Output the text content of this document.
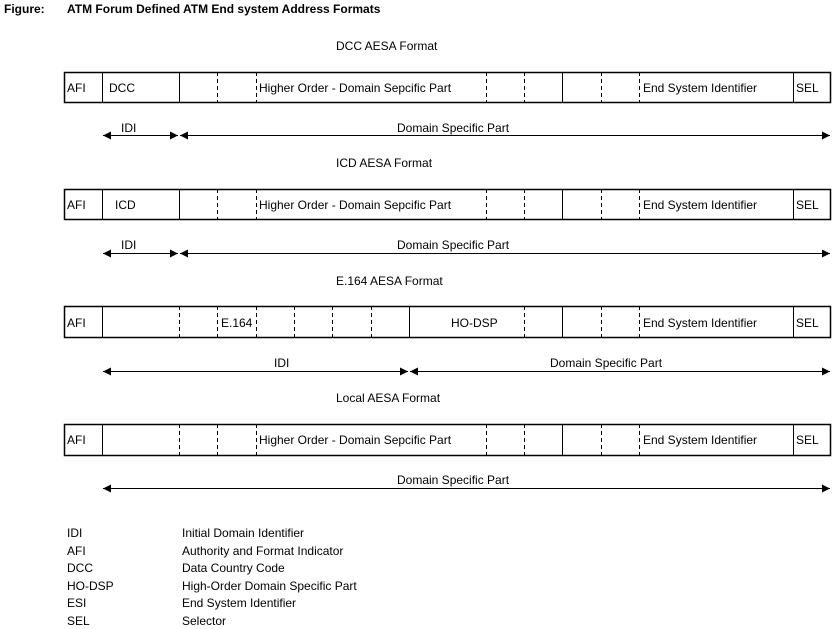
Figure: ATM Forum Defined ATM End system Address Formats
DCC AESA Format
AFI DCC	Higher Order - Domain Sepcific Part	End System Identifier	SEL
IDI	Domain Specific Part
ICD AESA Format
AFI ICD	Higher Order - Domain Sepcific Part	End System Identifier	SEL
IDI	Domain Specific Part
E.164 AESA Format
AFI	E.164	HO-DSP	End System Identifier	SEL
IDI	Domain Specific Part
Local AESA Format
AFI	Higher Order - Domain Sepcific Part	End System Identifier	SEL
Domain Specific Part
IDI	Initial Domain Identifier
AFI	Authority and Format Indicator
DCC	Data Country Code
HO-DSP	High-Order Domain Specific Part
ESI	End System Identifier
SEL	Selector
